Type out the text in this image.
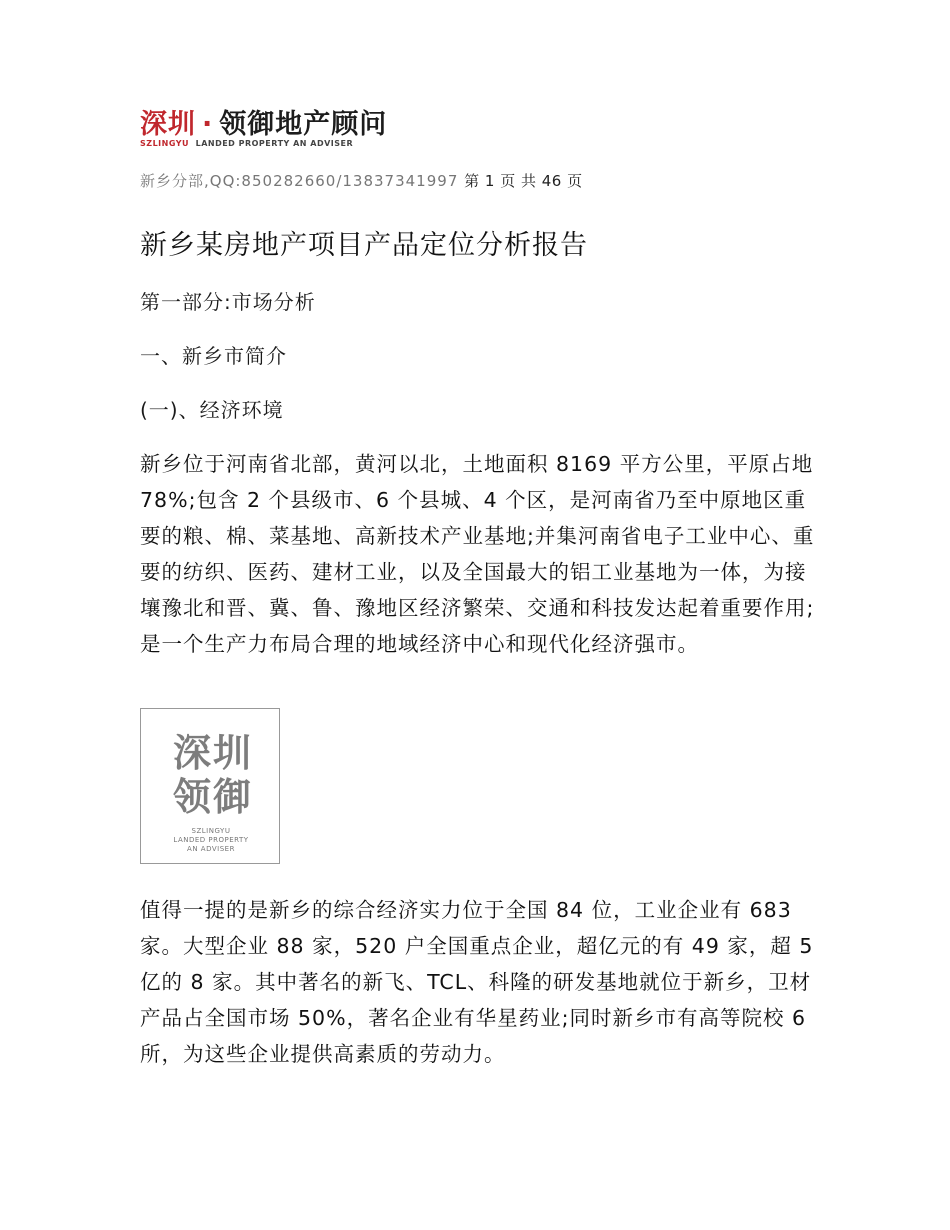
深圳 · 领御地产顾问
SZLINGYU LANDED PROPERTY AN ADVISER
新乡分部,QQ:850282660/13837341997 第 1 页 共 46 页
新乡某房地产项目产品定位分析报告
第一部分:市场分析
一、新乡市简介
(一)、经济环境
新乡位于河南省北部，黄河以北，土地面积 8169 平方公里，平原占地 78%;包含 2 个县级市、6 个县城、4 个区，是河南省乃至中原地区重要的粮、棉、菜基地、高新技术产业基地;并集河南省电子工业中心、重要的纺织、医药、建材工业，以及全国最大的铝工业基地为一体，为接壤豫北和晋、冀、鲁、豫地区经济繁荣、交通和科技发达起着重要作用;是一个生产力布局合理的地域经济中心和现代化经济强市。
深圳领御
SZLINGYU
LANDED PROPERTY
AN ADVISER
值得一提的是新乡的综合经济实力位于全国 84 位，工业企业有 683 家。大型企业 88 家，520 户全国重点企业，超亿元的有 49 家，超 5 亿的 8 家。其中著名的新飞、TCL、科隆的研发基地就位于新乡，卫材产品占全国市场 50%，著名企业有华星药业;同时新乡市有高等院校 6 所，为这些企业提供高素质的劳动力。
